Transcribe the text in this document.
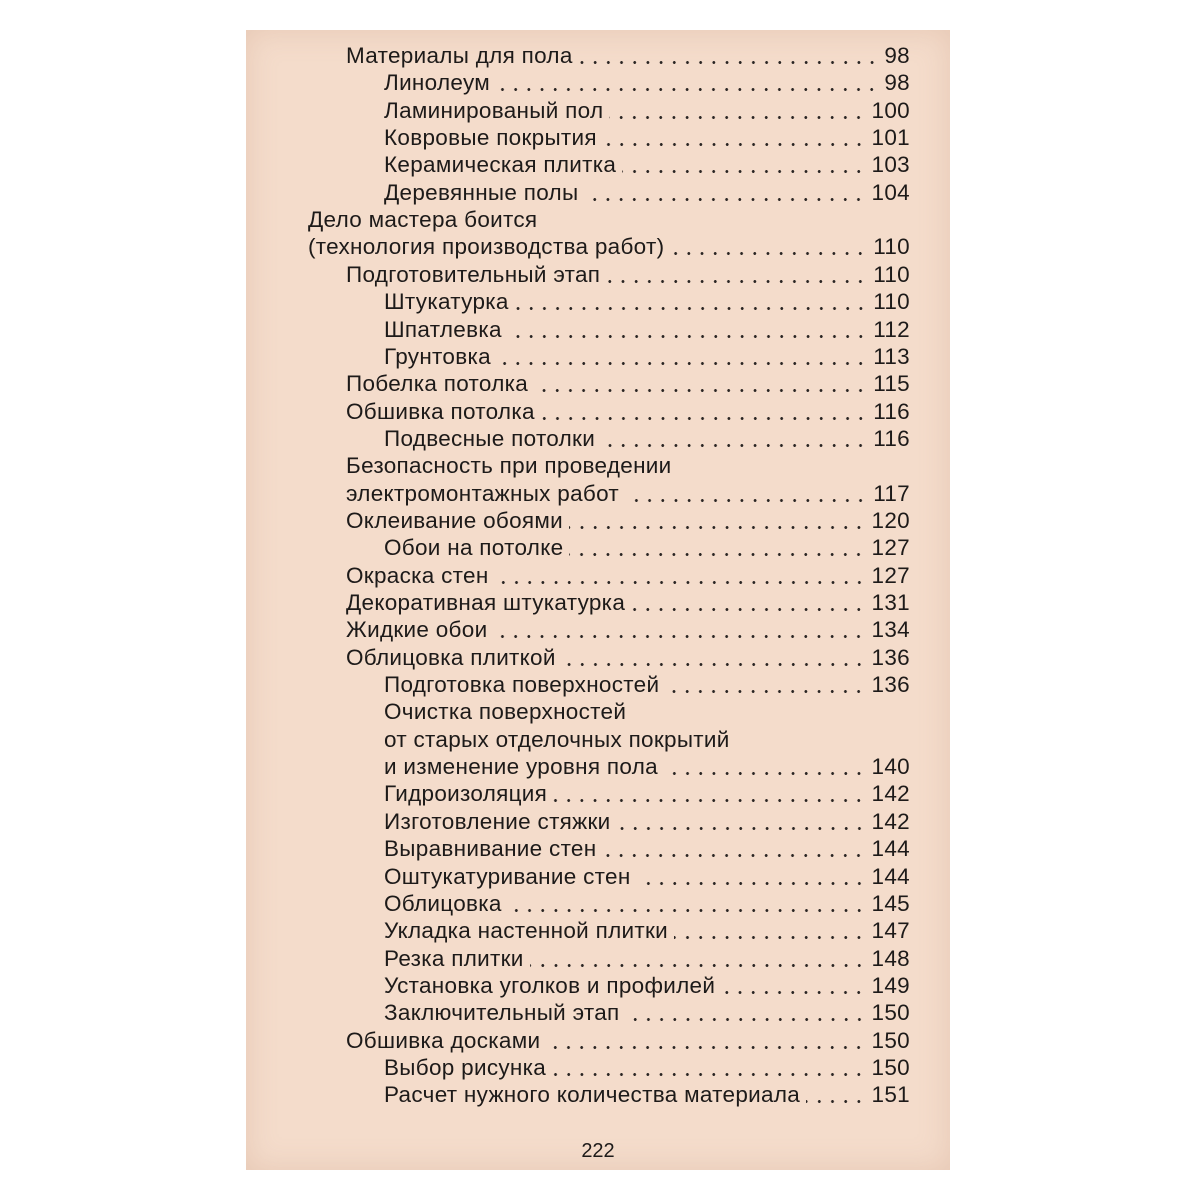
Материалы для пола	98
Линолеум	98
Ламинированый пол	100
Ковровые покрытия	101
Керамическая плитка	103
Деревянные полы	104
Дело мастера боится
(технология производства работ)	110
Подготовительный этап	110
Штукатурка	110
Шпатлевка	112
Грунтовка	113
Побелка потолка	115
Обшивка потолка	116
Подвесные потолки	116
Безопасность при проведении
электромонтажных работ	117
Оклеивание обоями	120
Обои на потолке	127
Окраска стен	127
Декоративная штукатурка	131
Жидкие обои	134
Облицовка плиткой	136
Подготовка поверхностей	136
Очистка поверхностей
от старых отделочных покрытий
и изменение уровня пола	140
Гидроизоляция	142
Изготовление стяжки	142
Выравнивание стен	144
Оштукатуривание стен	144
Облицовка	145
Укладка настенной плитки	147
Резка плитки	148
Установка уголков и профилей	149
Заключительный этап	150
Обшивка досками	150
Выбор рисунка	150
Расчет нужного количества материала	151
222
